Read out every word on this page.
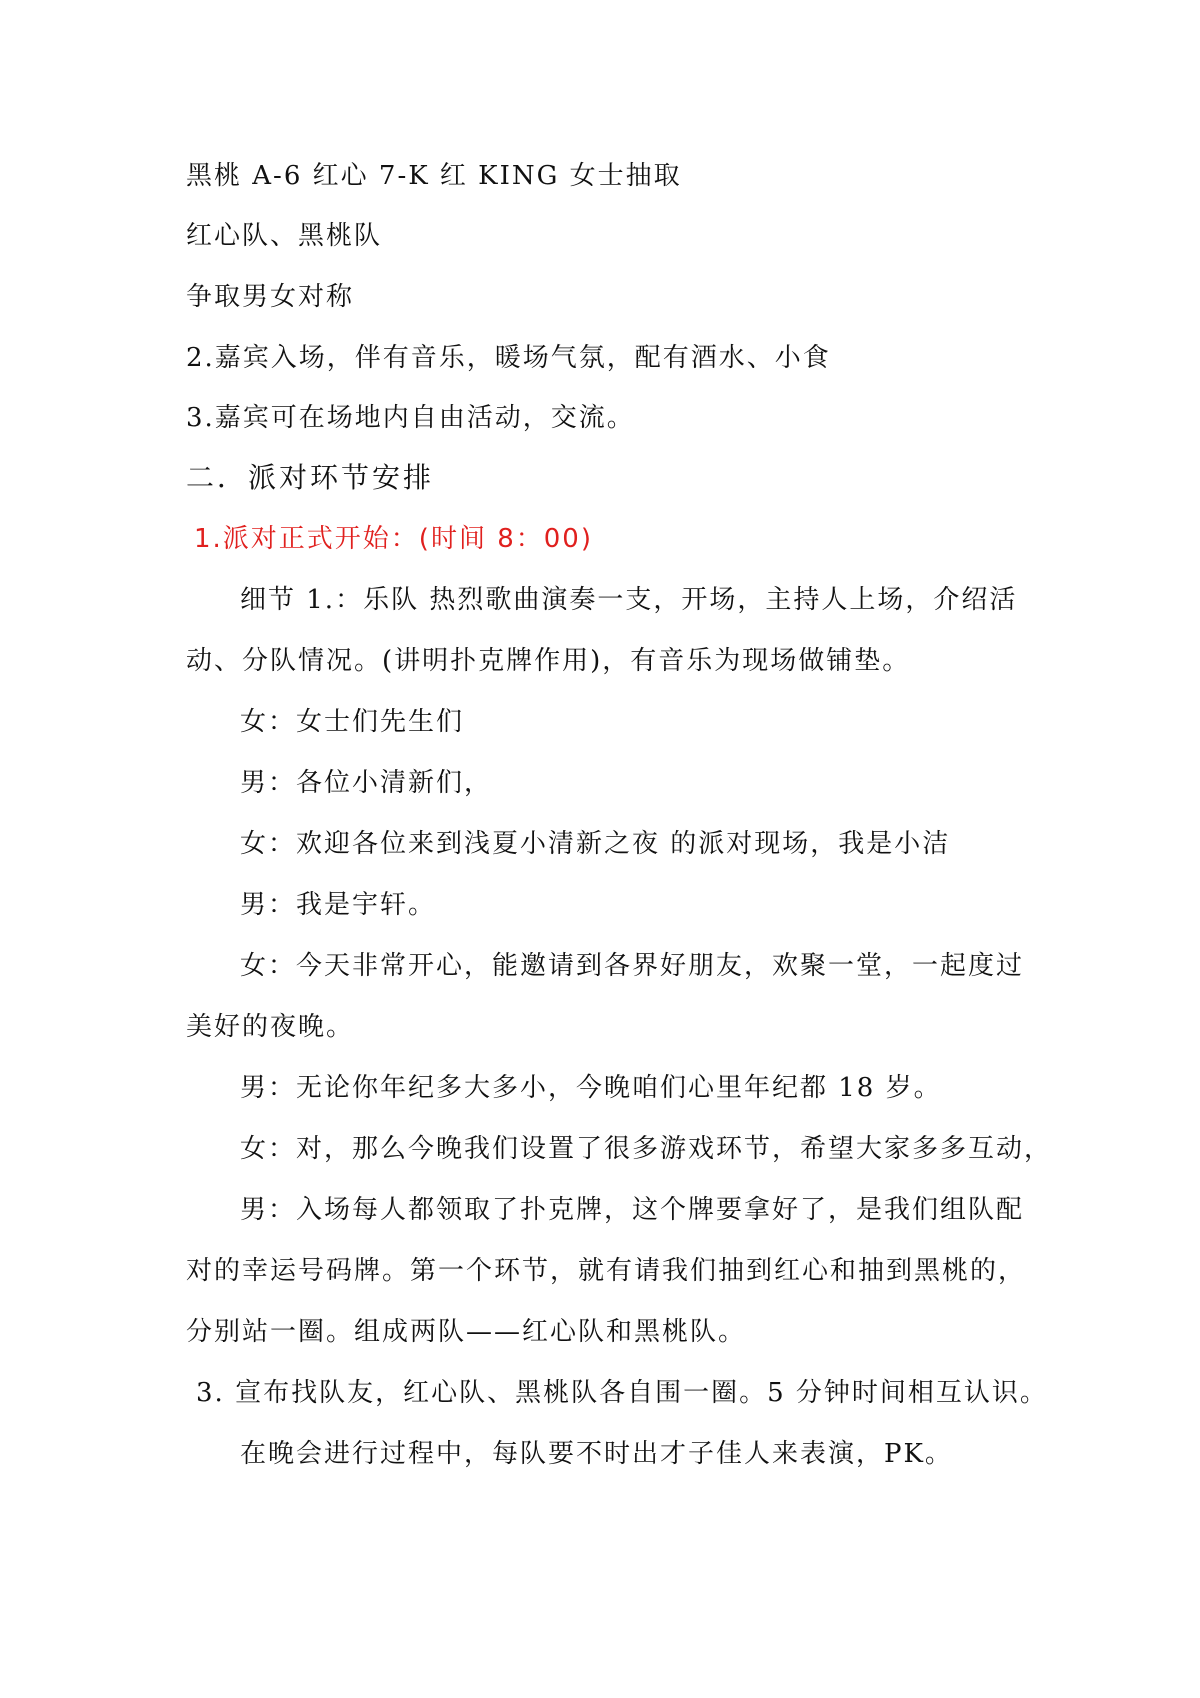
黑桃 A-6 红心 7-K 红 KING 女士抽取
红心队、黑桃队
争取男女对称
2.嘉宾入场，伴有音乐，暖场气氛，配有酒水、小食
3.嘉宾可在场地内自由活动，交流。
二．派对环节安排
1.派对正式开始：(时间 8：00)
细节 1.：乐队 热烈歌曲演奏一支，开场，主持人上场，介绍活
动、分队情况。(讲明扑克牌作用)，有音乐为现场做铺垫。
女：女士们先生们
男：各位小清新们，
女：欢迎各位来到浅夏小清新之夜 的派对现场，我是小洁
男：我是宇轩。
女：今天非常开心，能邀请到各界好朋友，欢聚一堂，一起度过
美好的夜晚。
男：无论你年纪多大多小，今晚咱们心里年纪都 18 岁。
女：对，那么今晚我们设置了很多游戏环节，希望大家多多互动，
男：入场每人都领取了扑克牌，这个牌要拿好了，是我们组队配
对的幸运号码牌。第一个环节，就有请我们抽到红心和抽到黑桃的，
分别站一圈。组成两队——红心队和黑桃队。
3. 宣布找队友，红心队、黑桃队各自围一圈。5 分钟时间相互认识。
在晚会进行过程中，每队要不时出才子佳人来表演，PK。
